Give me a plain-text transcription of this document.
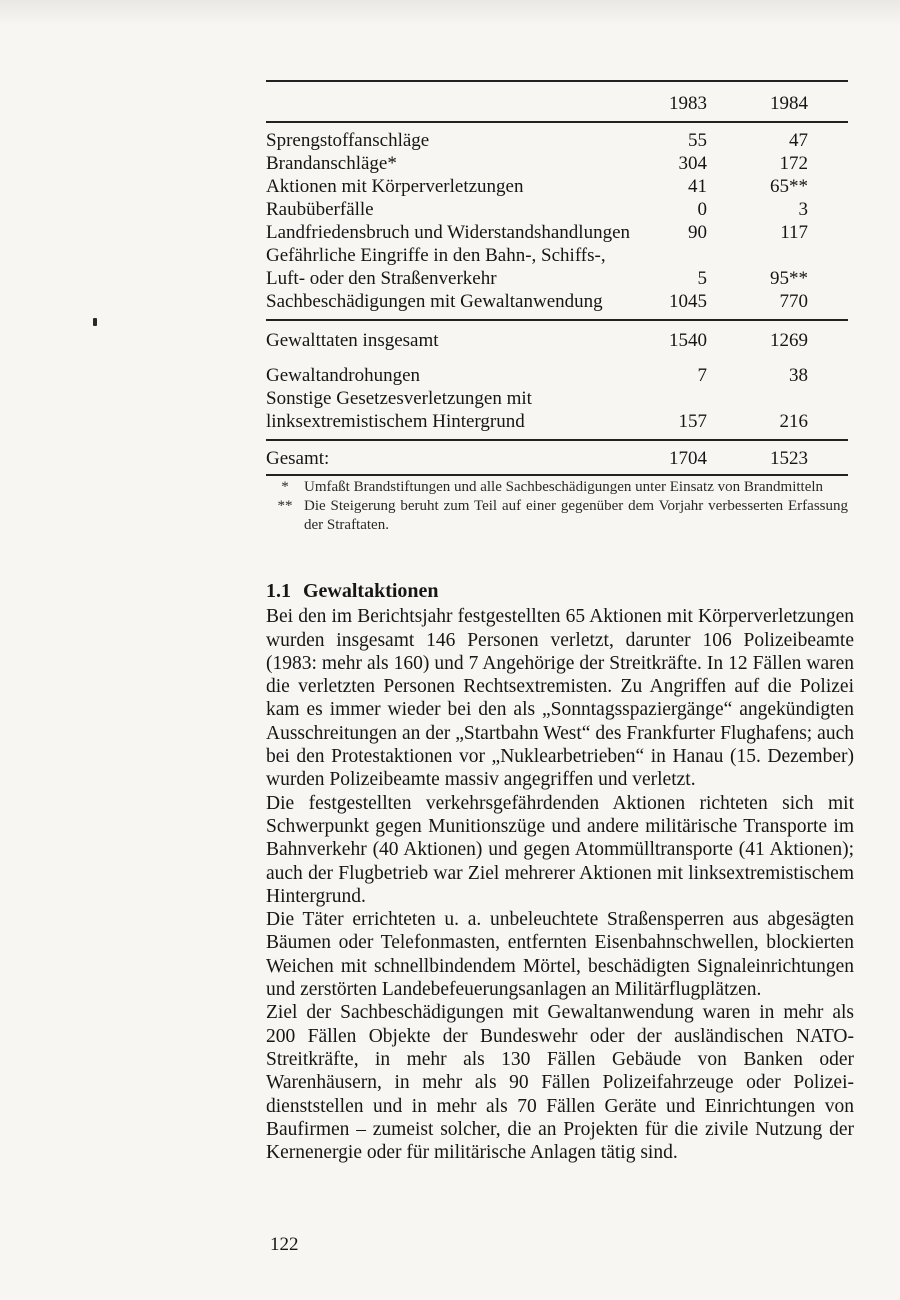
	1983	1984
Sprengstoffanschläge	55	47
Brandanschläge*	304	172
Aktionen mit Körperverletzungen	41	65**
Raubüberfälle	0	3
Landfriedensbruch und Widerstandshandlungen	90	117
Gefährliche Eingriffe in den Bahn-, Schiffs-,		
Luft- oder den Straßenverkehr	5	95**
Sachbeschädigungen mit Gewaltanwendung	1045	770
Gewalttaten insgesamt	1540	1269
Gewaltandrohungen	7	38
Sonstige Gesetzesverletzungen mit		
linksextremistischem Hintergrund	157	216
Gesamt:	1704	1523
*	Umfaßt Brandstiftungen und alle Sachbeschädigungen unter Einsatz von Brandmitteln
** Die Steigerung beruht zum Teil auf einer gegenüber dem Vorjahr verbesserten Erfassung der Straftaten.
1.1 Gewaltaktionen

Bei den im Berichtsjahr festgestellten 65 Aktionen mit Körperverletzungen wurden insgesamt 146 Personen verletzt, darunter 106 Polizeibeamte (1983: mehr als 160) und 7 Angehörige der Streitkräfte. In 12 Fällen waren die verletzten Personen Rechtsextremisten. Zu Angriffen auf die Polizei kam es immer wieder bei den als „Sonntagsspaziergänge“ angekündigten Ausschreitungen an der „Startbahn West“ des Frankfurter Flughafens; auch bei den Protestaktionen vor „Nuklearbetrieben“ in Hanau (15. Dezember) wurden Polizeibeamte massiv angegriffen und verletzt.

Die festgestellten verkehrsgefährdenden Aktionen richteten sich mit Schwerpunkt gegen Munitionszüge und andere militärische Transporte im Bahnverkehr (40 Aktionen) und gegen Atommülltransporte (41 Aktionen); auch der Flugbetrieb war Ziel mehrerer Aktionen mit linksextremistischem Hintergrund.

Die Täter errichteten u. a. unbeleuchtete Straßensperren aus abgesägten Bäumen oder Telefonmasten, entfernten Eisenbahnschwellen, blockierten Weichen mit schnellbindendem Mörtel, beschädigten Signaleinrichtungen und zerstörten Landebefeuerungsanlagen an Militärflugplätzen.

Ziel der Sachbeschädigungen mit Gewaltanwendung waren in mehr als 200 Fällen Objekte der Bundeswehr oder der ausländischen NATO-Streitkräfte, in mehr als 130 Fällen Gebäude von Banken oder Warenhäusern, in mehr als 90 Fällen Polizeifahrzeuge oder Polizeidienststellen und in mehr als 70 Fällen Geräte und Einrichtungen von Baufirmen – zumeist solcher, die an Projekten für die zivile Nutzung der Kernenergie oder für militärische Anlagen tätig sind.

122
